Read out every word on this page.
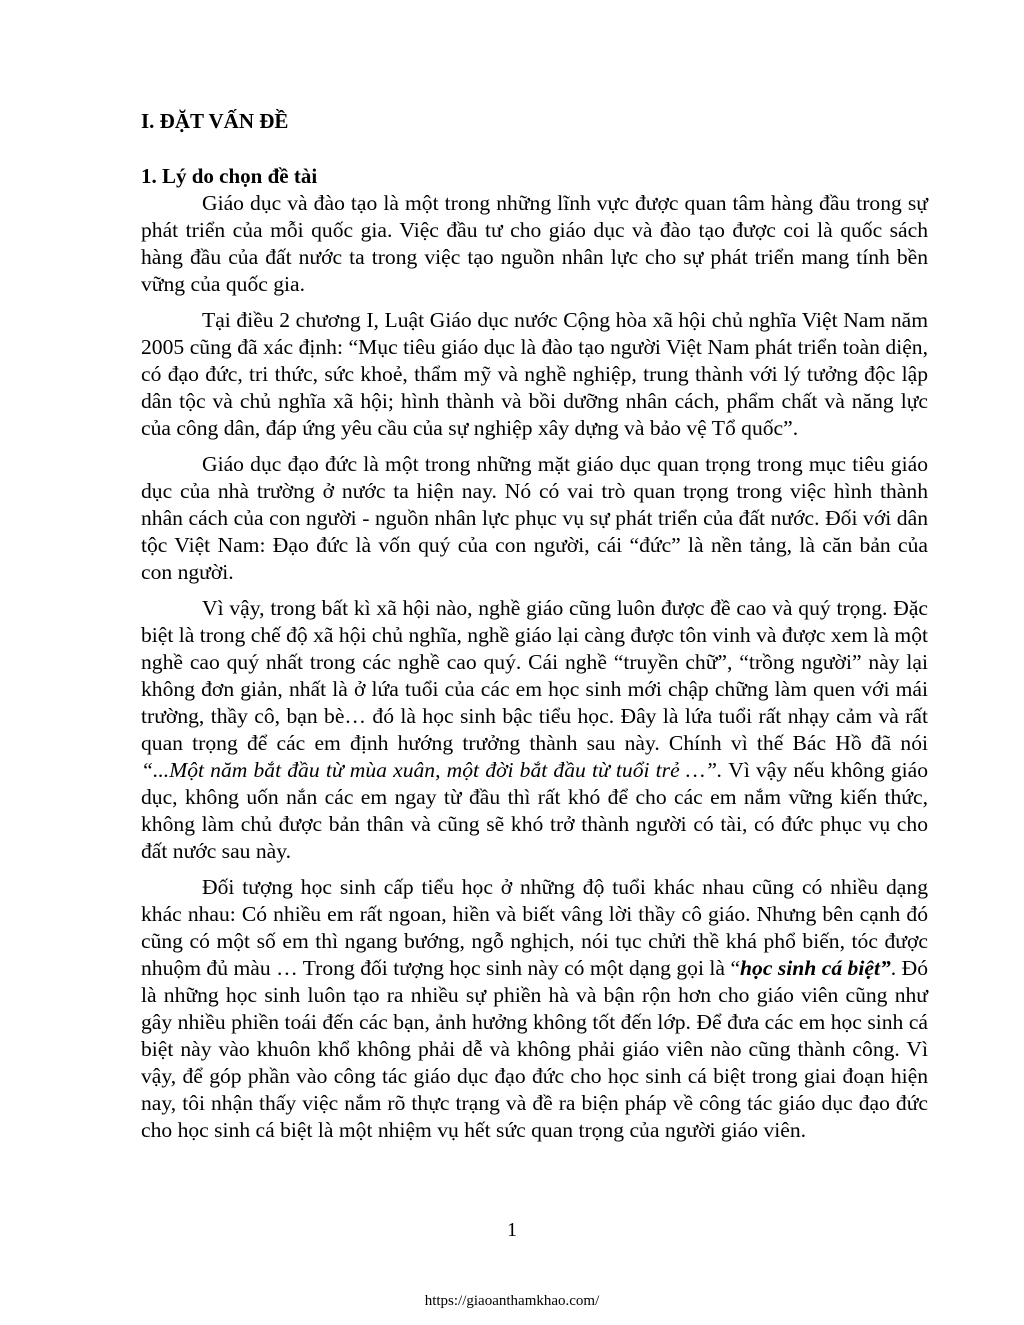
I. ĐẶT VẤN ĐỀ

1. Lý do chọn đề tài

Giáo dục và đào tạo là một trong những lĩnh vực được quan tâm hàng đầu trong sự phát triển của mỗi quốc gia. Việc đầu tư cho giáo dục và đào tạo được coi là quốc sách hàng đầu của đất nước ta trong việc tạo nguồn nhân lực cho sự phát triển mang tính bền vững của quốc gia.

Tại điều 2 chương I, Luật Giáo dục nước Cộng hòa xã hội chủ nghĩa Việt Nam năm 2005 cũng đã xác định: “Mục tiêu giáo dục là đào tạo người Việt Nam phát triển toàn diện, có đạo đức, tri thức, sức khoẻ, thẩm mỹ và nghề nghiệp, trung thành với lý tưởng độc lập dân tộc và chủ nghĩa xã hội; hình thành và bồi dưỡng nhân cách, phẩm chất và năng lực của công dân, đáp ứng yêu cầu của sự nghiệp xây dựng và bảo vệ Tổ quốc”.

Giáo dục đạo đức là một trong những mặt giáo dục quan trọng trong mục tiêu giáo dục của nhà trường ở nước ta hiện nay. Nó có vai trò quan trọng trong việc hình thành nhân cách của con người - nguồn nhân lực phục vụ sự phát triển của đất nước. Đối với dân tộc Việt Nam: Đạo đức là vốn quý của con người, cái “đức” là nền tảng, là căn bản của con người.

Vì vậy, trong bất kì xã hội nào, nghề giáo cũng luôn được đề cao và quý trọng. Đặc biệt là trong chế độ xã hội chủ nghĩa, nghề giáo lại càng được tôn vinh và được xem là một nghề cao quý nhất trong các nghề cao quý. Cái nghề “truyền chữ”, “trồng người” này lại không đơn giản, nhất là ở lứa tuổi của các em học sinh mới chập chững làm quen với mái trường, thầy cô, bạn bè… đó là học sinh bậc tiểu học. Đây là lứa tuổi rất nhạy cảm và rất quan trọng để các em định hướng trưởng thành sau này. Chính vì thế Bác Hồ đã nói “...Một năm bắt đầu từ mùa xuân, một đời bắt đầu từ tuổi trẻ …”. Vì vậy nếu không giáo dục, không uốn nắn các em ngay từ đầu thì rất khó để cho các em nắm vững kiến thức, không làm chủ được bản thân và cũng sẽ khó trở thành người có tài, có đức phục vụ cho đất nước sau này.

Đối tượng học sinh cấp tiểu học ở những độ tuổi khác nhau cũng có nhiều dạng khác nhau: Có nhiều em rất ngoan, hiền và biết vâng lời thầy cô giáo. Nhưng bên cạnh đó cũng có một số em thì ngang bướng, ngỗ nghịch, nói tục chửi thề khá phổ biến, tóc được nhuộm đủ màu … Trong đối tượng học sinh này có một dạng gọi là “học sinh cá biệt”. Đó là những học sinh luôn tạo ra nhiều sự phiền hà và bận rộn hơn cho giáo viên cũng như gây nhiều phiền toái đến các bạn, ảnh hưởng không tốt đến lớp. Để đưa các em học sinh cá biệt này vào khuôn khổ không phải dễ và không phải giáo viên nào cũng thành công. Vì vậy, để góp phần vào công tác giáo dục đạo đức cho học sinh cá biệt trong giai đoạn hiện nay, tôi nhận thấy việc nắm rõ thực trạng và đề ra biện pháp về công tác giáo dục đạo đức cho học sinh cá biệt là một nhiệm vụ hết sức quan trọng của người giáo viên.

1
https://giaoanthamkhao.com/
